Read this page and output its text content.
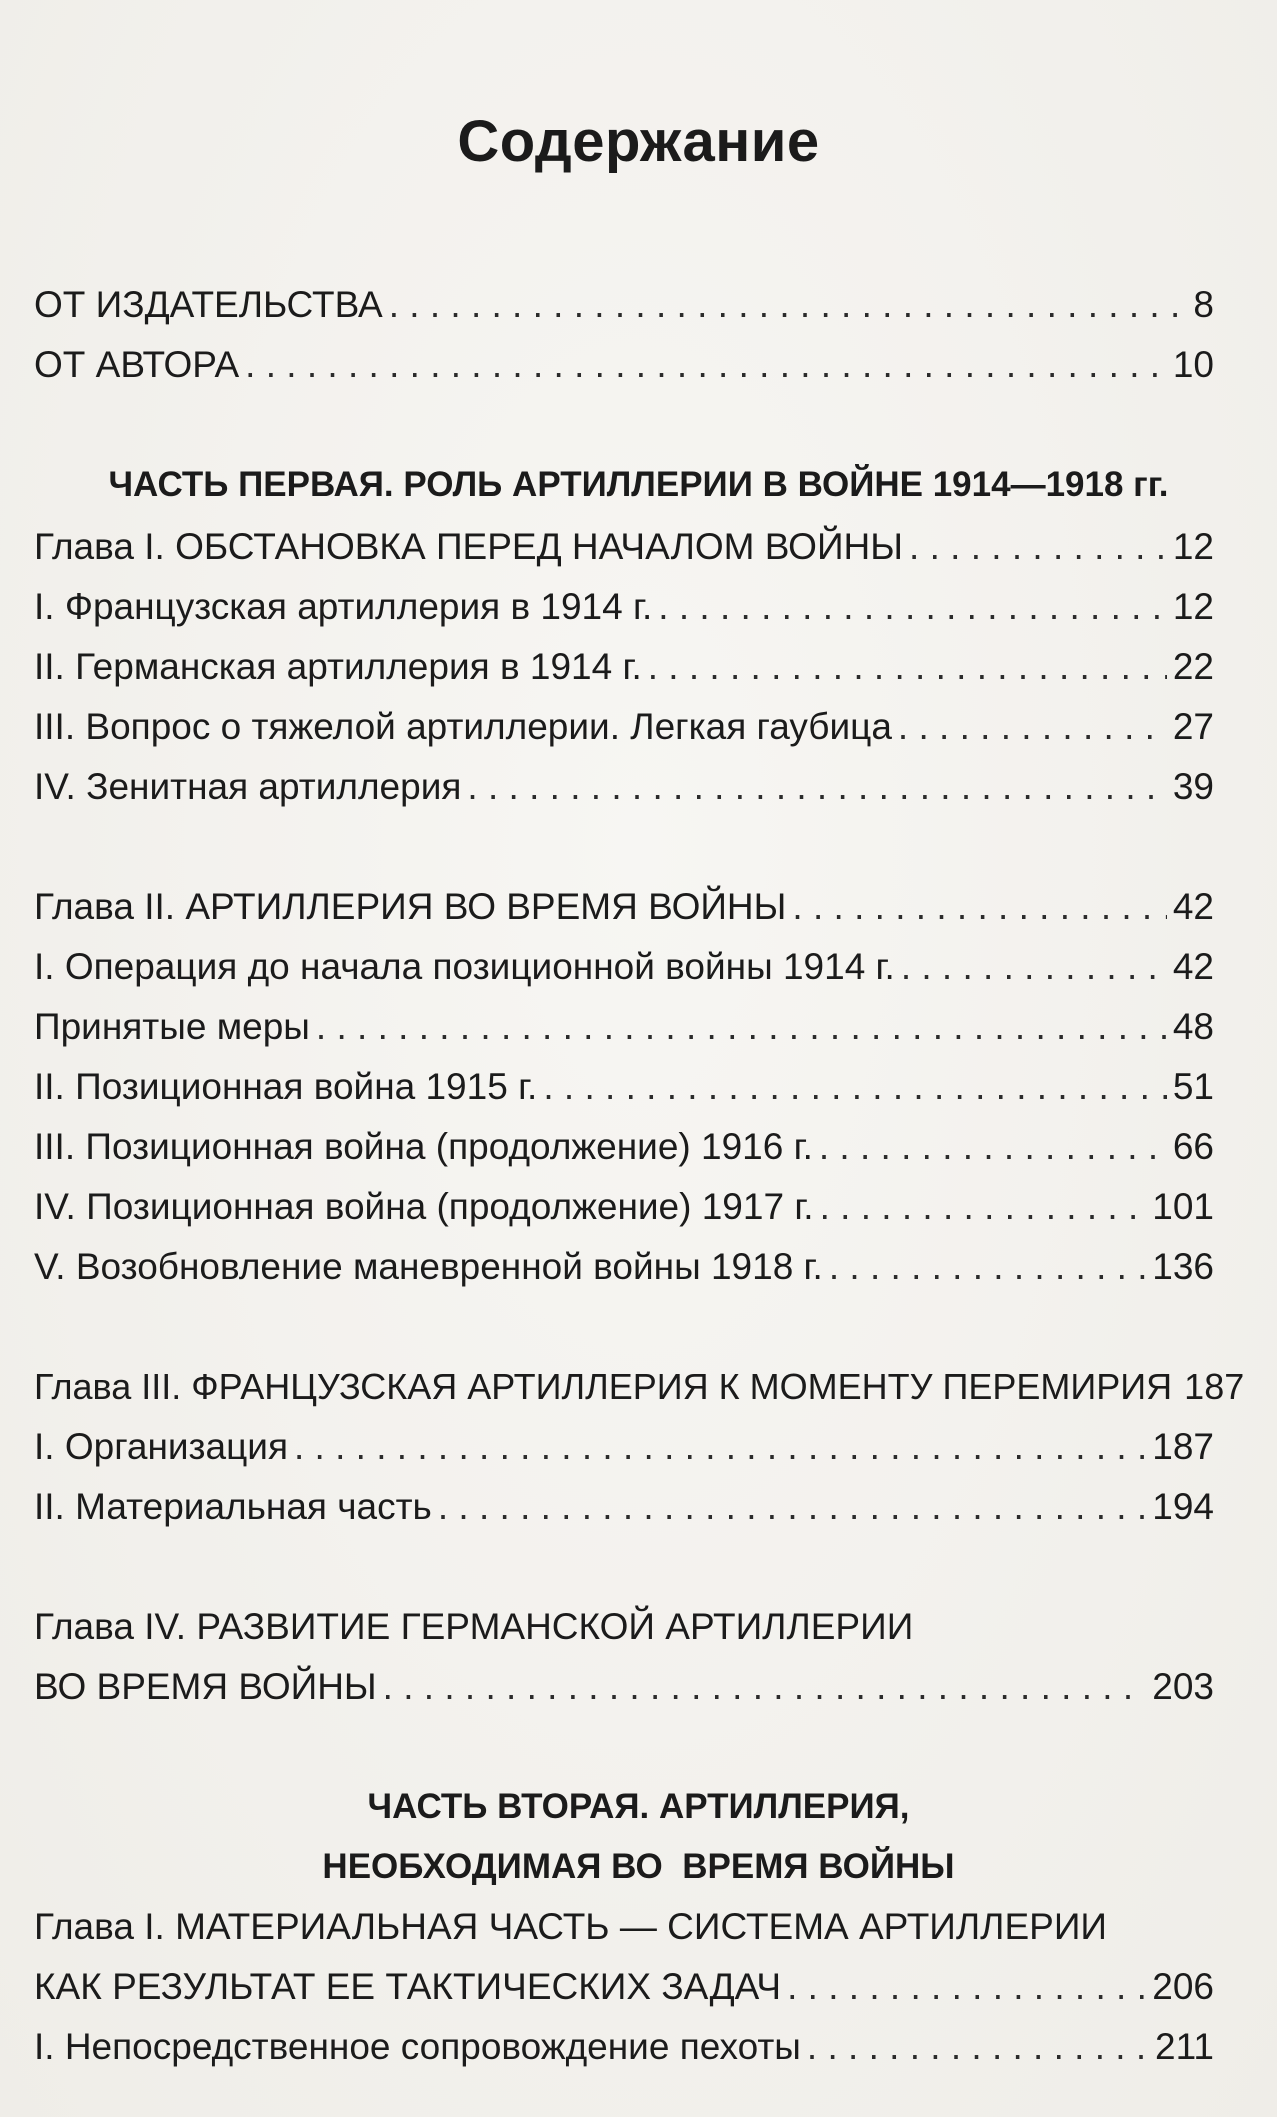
Содержание
ОТ ИЗДАТЕЛЬСТВА . . .	8
ОТ АВТОРА . . .	10
ЧАСТЬ ПЕРВАЯ. РОЛЬ АРТИЛЛЕРИИ В ВОЙНЕ 1914—1918 гг.
Глава I. ОБСТАНОВКА ПЕРЕД НАЧАЛОМ ВОЙНЫ . . .	12
I. Французская артиллерия в 1914 г. . . .	12
II. Германская артиллерия в 1914 г. . . .	22
III. Вопрос о тяжелой артиллерии. Легкая гаубица . . .	27
IV. Зенитная артиллерия . . .	39
Глава II. АРТИЛЛЕРИЯ ВО ВРЕМЯ ВОЙНЫ . . .	42
I. Операция до начала позиционной войны 1914 г. . . .	42
Принятые меры . . .	48
II. Позиционная война 1915 г. . . .	51
III. Позиционная война (продолжение) 1916 г. . . .	66
IV. Позиционная война (продолжение) 1917 г. . . .	101
V. Возобновление маневренной войны 1918 г. . . .	136
Глава III. ФРАНЦУЗСКАЯ АРТИЛЛЕРИЯ К МОМЕНТУ ПЕРЕМИРИЯ 187
I. Организация . . .	187
II. Материальная часть . . .	194
Глава IV. РАЗВИТИЕ ГЕРМАНСКОЙ АРТИЛЛЕРИИ
ВО ВРЕМЯ ВОЙНЫ . . .	203
ЧАСТЬ ВТОРАЯ. АРТИЛЛЕРИЯ,
НЕОБХОДИМАЯ ВО  ВРЕМЯ ВОЙНЫ
Глава I. МАТЕРИАЛЬНАЯ ЧАСТЬ — СИСТЕМА АРТИЛЛЕРИИ
КАК РЕЗУЛЬТАТ ЕЕ ТАКТИЧЕСКИХ ЗАДАЧ . . .	206
I. Непосредственное сопровождение пехоты . . .	211
